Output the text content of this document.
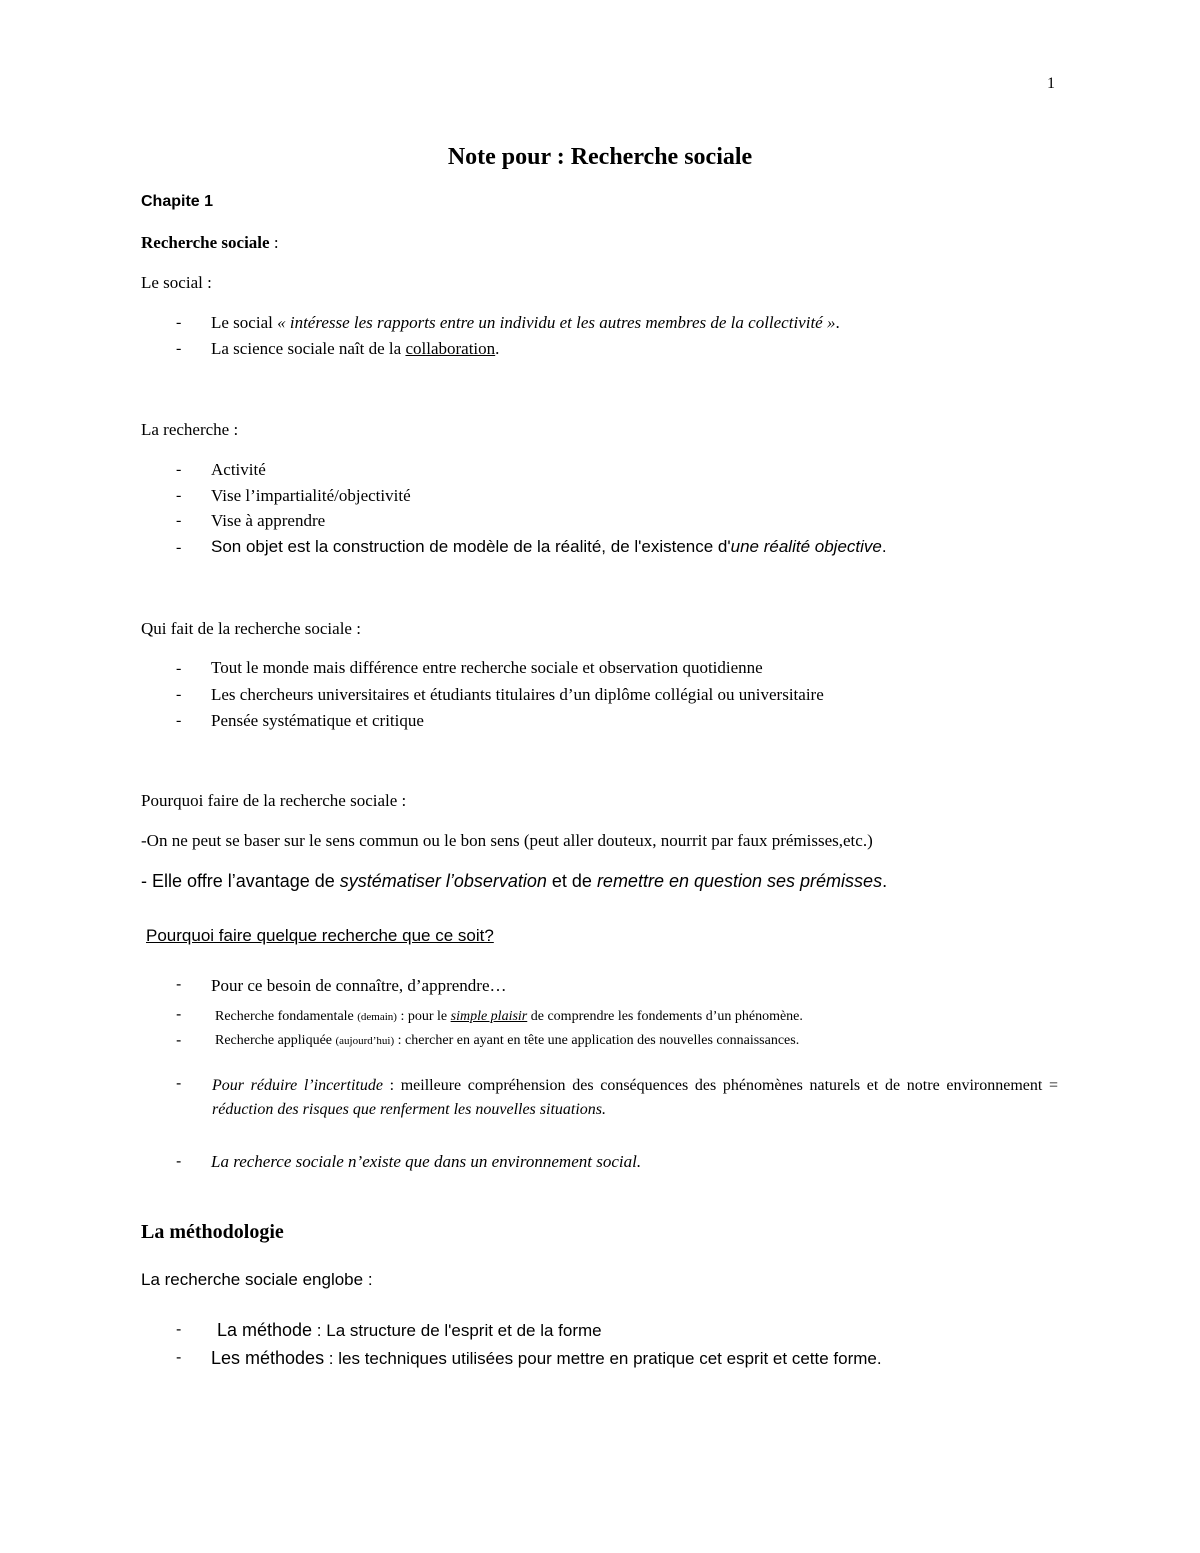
1
Note pour : Recherche sociale
Chapite 1
Recherche sociale :
Le social :
- Le social « intéresse les rapports entre un individu et les autres membres de la collectivité ».
- La science sociale naît de la collaboration.
La recherche :
- Activité
- Vise l’impartialité/objectivité
- Vise à apprendre
- Son objet est la construction de modèle de la réalité, de l'existence d'une réalité objective.
Qui fait de la recherche sociale :
- Tout le monde mais différence entre recherche sociale et observation quotidienne
- Les chercheurs universitaires et étudiants titulaires d’un diplôme collégial ou universitaire
- Pensée systématique et critique
Pourquoi faire de la recherche sociale :
-On ne peut se baser sur le sens commun ou le bon sens (peut aller douteux, nourrit par faux prémisses,etc.)
- Elle offre l’avantage de systématiser l’observation et de remettre en question ses prémisses.
Pourquoi faire quelque recherche que ce soit?
- Pour ce besoin de connaître, d’apprendre…
- Recherche fondamentale (demain) : pour le simple plaisir de comprendre les fondements d’un phénomène.
- Recherche appliquée (aujourd’hui) : chercher en ayant en tête une application des nouvelles connaissances.
- Pour réduire l’incertitude : meilleure compréhension des conséquences des phénomènes naturels et de notre environnement = réduction des risques que renferment les nouvelles situations.
- La recherce sociale n’existe que dans un environnement social.
La méthodologie
La recherche sociale englobe :
- La méthode : La structure de l'esprit et de la forme
- Les méthodes : les techniques utilisées pour mettre en pratique cet esprit et cette forme.
